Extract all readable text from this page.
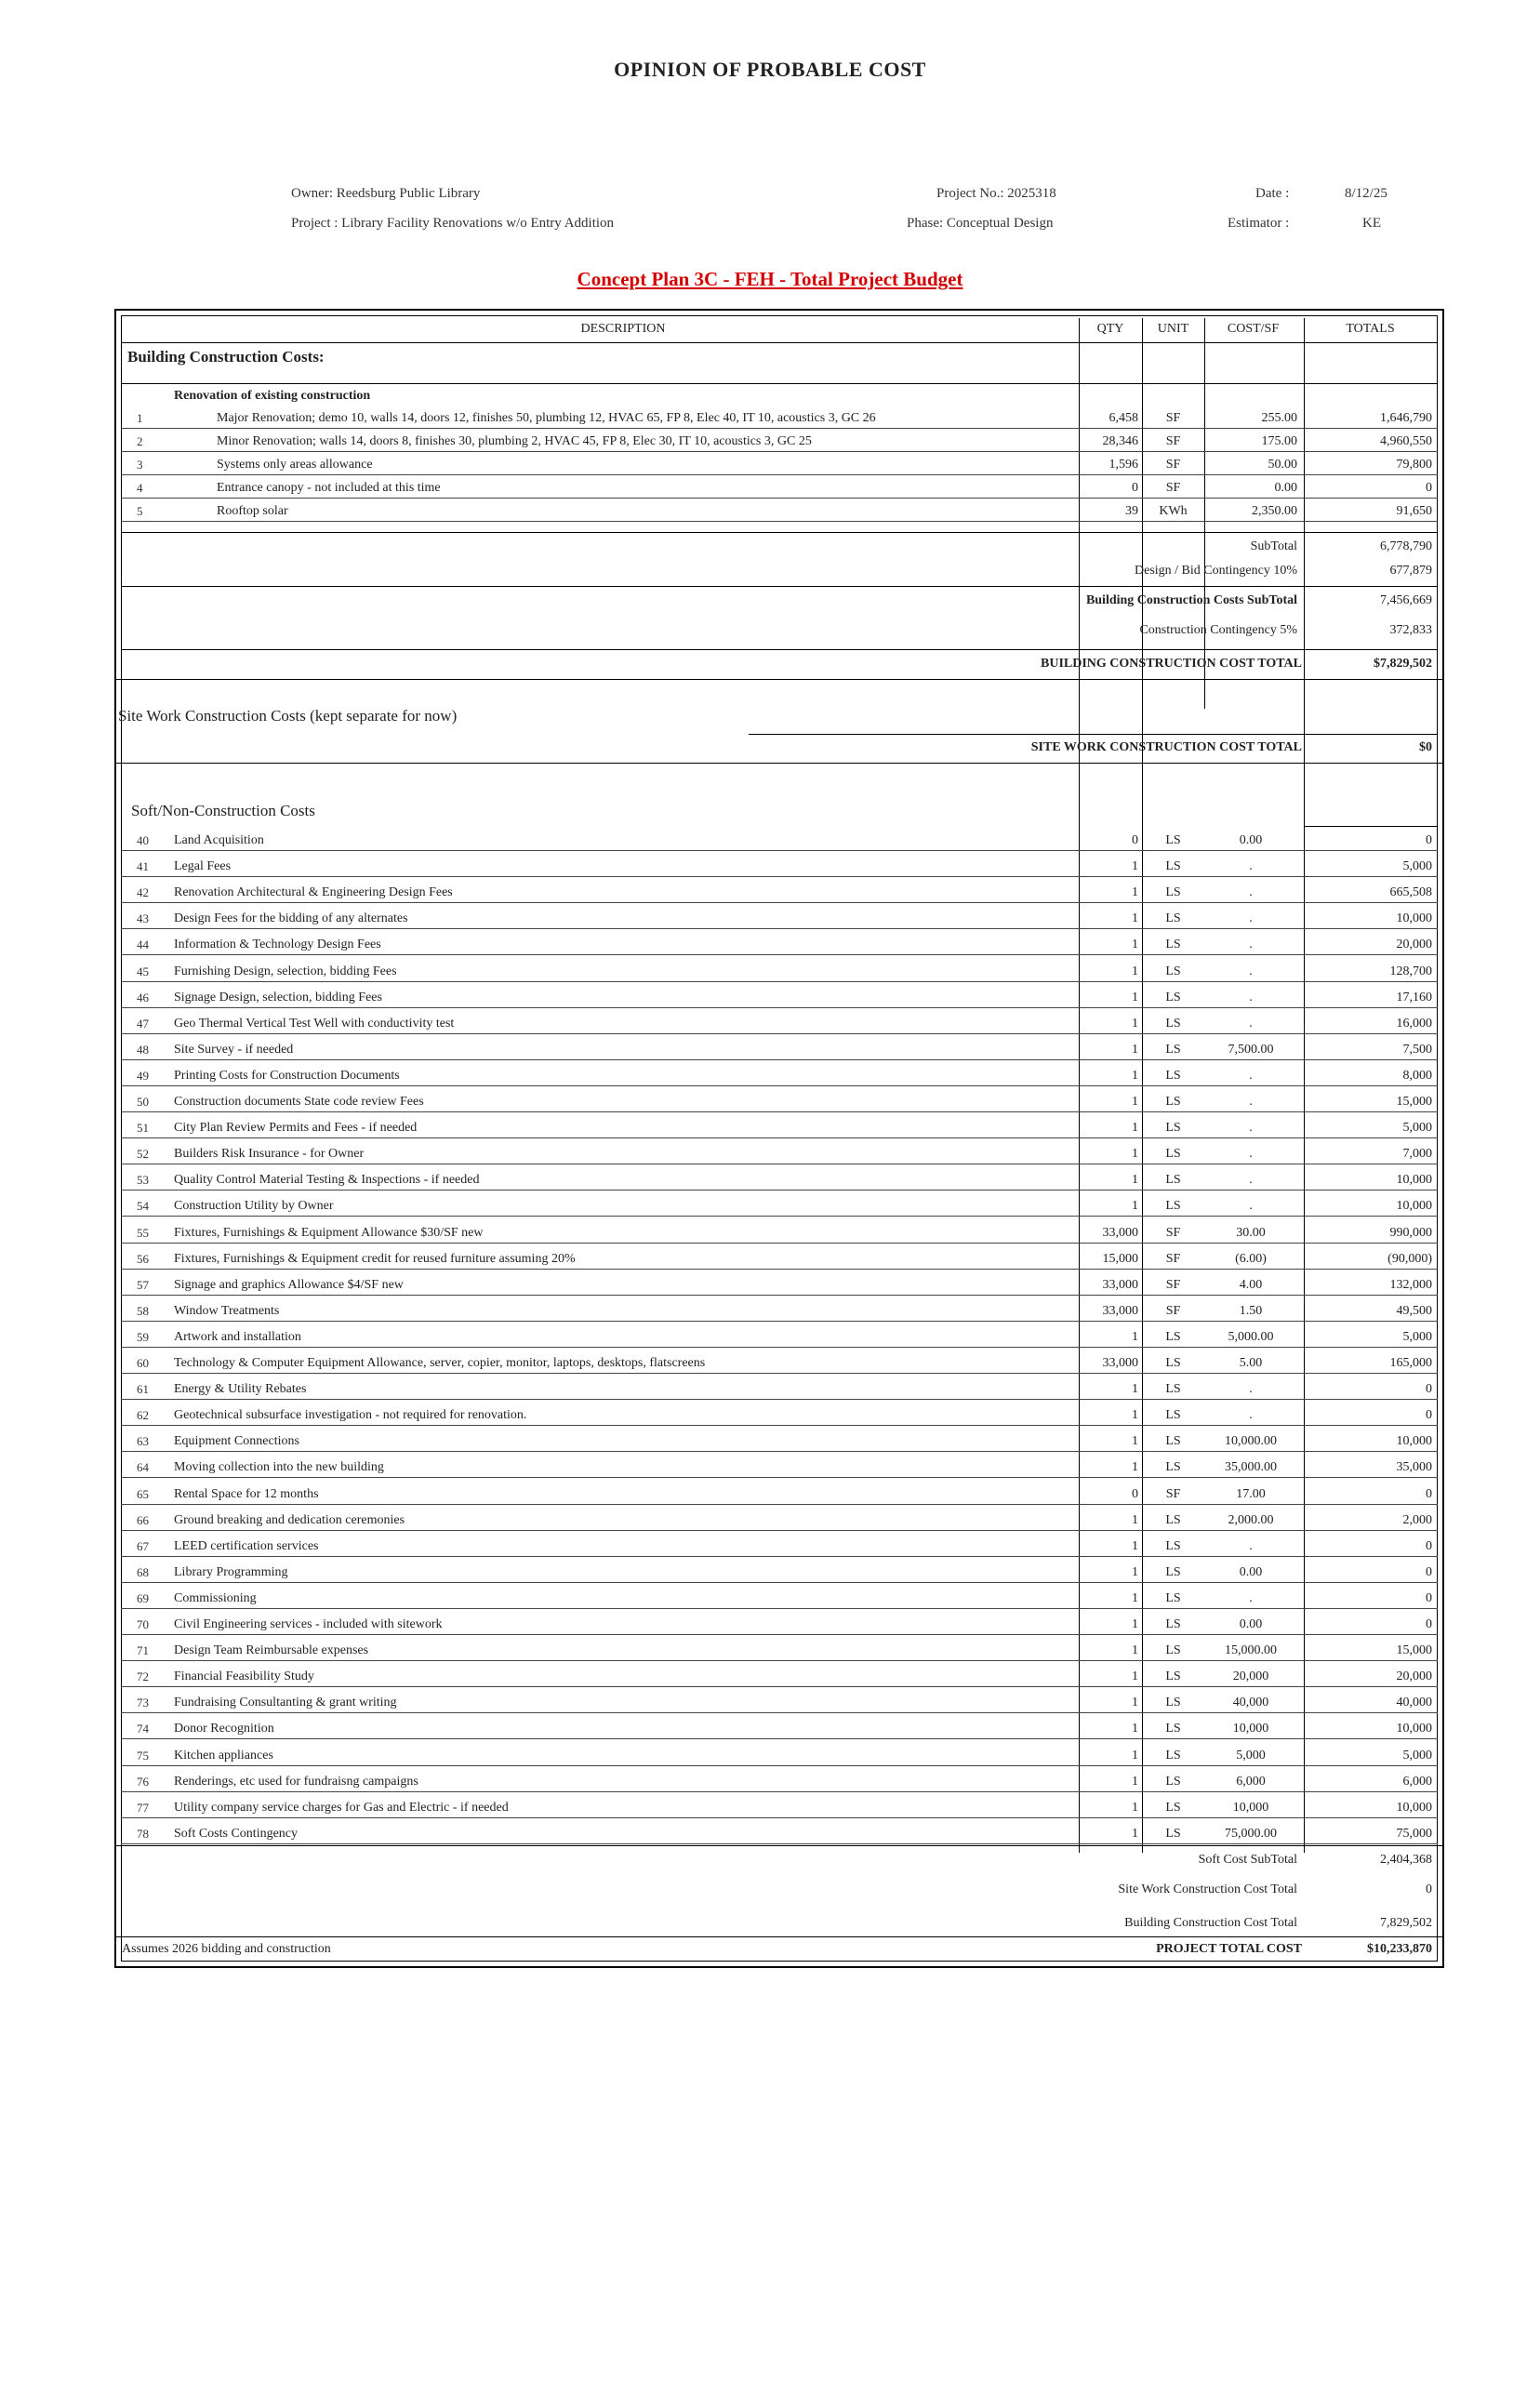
OPINION OF PROBABLE COST
Owner: Reedsburg Public Library
Project : Library Facility Renovations w/o Entry Addition
Project No.: 2025318
Phase: Conceptual Design
Date :	8/12/25
Estimator :	KE
Concept Plan 3C - FEH - Total Project Budget
DESCRIPTION	QTY	UNIT	COST/SF	TOTALS
Building Construction Costs:
Renovation of existing construction
1	Major Renovation; demo 10, walls 14, doors 12, finishes 50, plumbing 12, HVAC 65, FP 8, Elec 40, IT 10, acoustics 3, GC 26	6,458	SF	255.00	1,646,790
2	Minor Renovation; walls 14, doors 8, finishes 30, plumbing 2, HVAC 45, FP 8, Elec 30, IT 10, acoustics 3, GC 25	28,346	SF	175.00	4,960,550
3	Systems only areas allowance	1,596	SF	50.00	79,800
4	Entrance canopy - not included at this time	0	SF	0.00	0
5	Rooftop solar	39	KWh	2,350.00	91,650
SubTotal	6,778,790
Design / Bid Contingency 10%	677,879
Building Construction Costs SubTotal	7,456,669
Construction Contingency 5%	372,833
BUILDING CONSTRUCTION COST TOTAL	$7,829,502
Site Work Construction Costs (kept separate for now)
SITE WORK CONSTRUCTION COST TOTAL	$0
Soft/Non-Construction Costs
40 Land Acquisition	0	LS	0.00	0
41 Legal Fees	1	LS	.	5,000
42 Renovation Architectural & Engineering Design Fees	1	LS	.	665,508
43 Design Fees for the bidding of any alternates	1	LS	.	10,000
44 Information & Technology Design Fees	1	LS	.	20,000
45 Furnishing Design, selection, bidding Fees	1	LS	.	128,700
46 Signage Design, selection, bidding Fees	1	LS	.	17,160
47 Geo Thermal Vertical Test Well with conductivity test	1	LS	.	16,000
48 Site Survey - if needed	1	LS	7,500.00	7,500
49 Printing Costs for Construction Documents	1	LS	.	8,000
50 Construction documents State code review Fees	1	LS	.	15,000
51 City Plan Review Permits and Fees - if needed	1	LS	.	5,000
52 Builders Risk Insurance - for Owner	1	LS	.	7,000
53 Quality Control Material Testing & Inspections - if needed	1	LS	.	10,000
54 Construction Utility by Owner	1	LS	.	10,000
55 Fixtures, Furnishings & Equipment Allowance $30/SF new	33,000	SF	30.00	990,000
56 Fixtures, Furnishings & Equipment credit for reused furniture assuming 20%	15,000	SF	(6.00)	(90,000)
57 Signage and graphics Allowance $4/SF new	33,000	SF	4.00	132,000
58 Window Treatments	33,000	SF	1.50	49,500
59 Artwork and installation	1	LS	5,000.00	5,000
60 Technology & Computer Equipment Allowance, server, copier, monitor, laptops, desktops, flatscreens	33,000	LS	5.00	165,000
61 Energy & Utility Rebates	1	LS	.	0
62 Geotechnical subsurface investigation - not required for renovation.	1	LS	.	0
63 Equipment Connections	1	LS	10,000.00	10,000
64 Moving collection into the new building	1	LS	35,000.00	35,000
65 Rental Space for 12 months	0	SF	17.00	0
66 Ground breaking and dedication ceremonies	1	LS	2,000.00	2,000
67 LEED certification services	1	LS	.	0
68 Library Programming	1	LS	0.00	0
69 Commissioning	1	LS	.	0
70 Civil Engineering services - included with sitework	1	LS	0.00	0
71 Design Team Reimbursable expenses	1	LS	15,000.00	15,000
72 Financial Feasibility Study	1	LS	20,000	20,000
73 Fundraising Consultanting & grant writing	1	LS	40,000	40,000
74 Donor Recognition	1	LS	10,000	10,000
75 Kitchen appliances	1	LS	5,000	5,000
76 Renderings, etc used for fundraisng campaigns	1	LS	6,000	6,000
77 Utility company service charges for Gas and Electric - if needed	1	LS	10,000	10,000
78 Soft Costs Contingency	1	LS	75,000.00	75,000
Soft Cost SubTotal	2,404,368
Site Work Construction Cost Total	0
Building Construction Cost Total	7,829,502
Assumes 2026 bidding and construction	PROJECT TOTAL COST	$10,233,870
